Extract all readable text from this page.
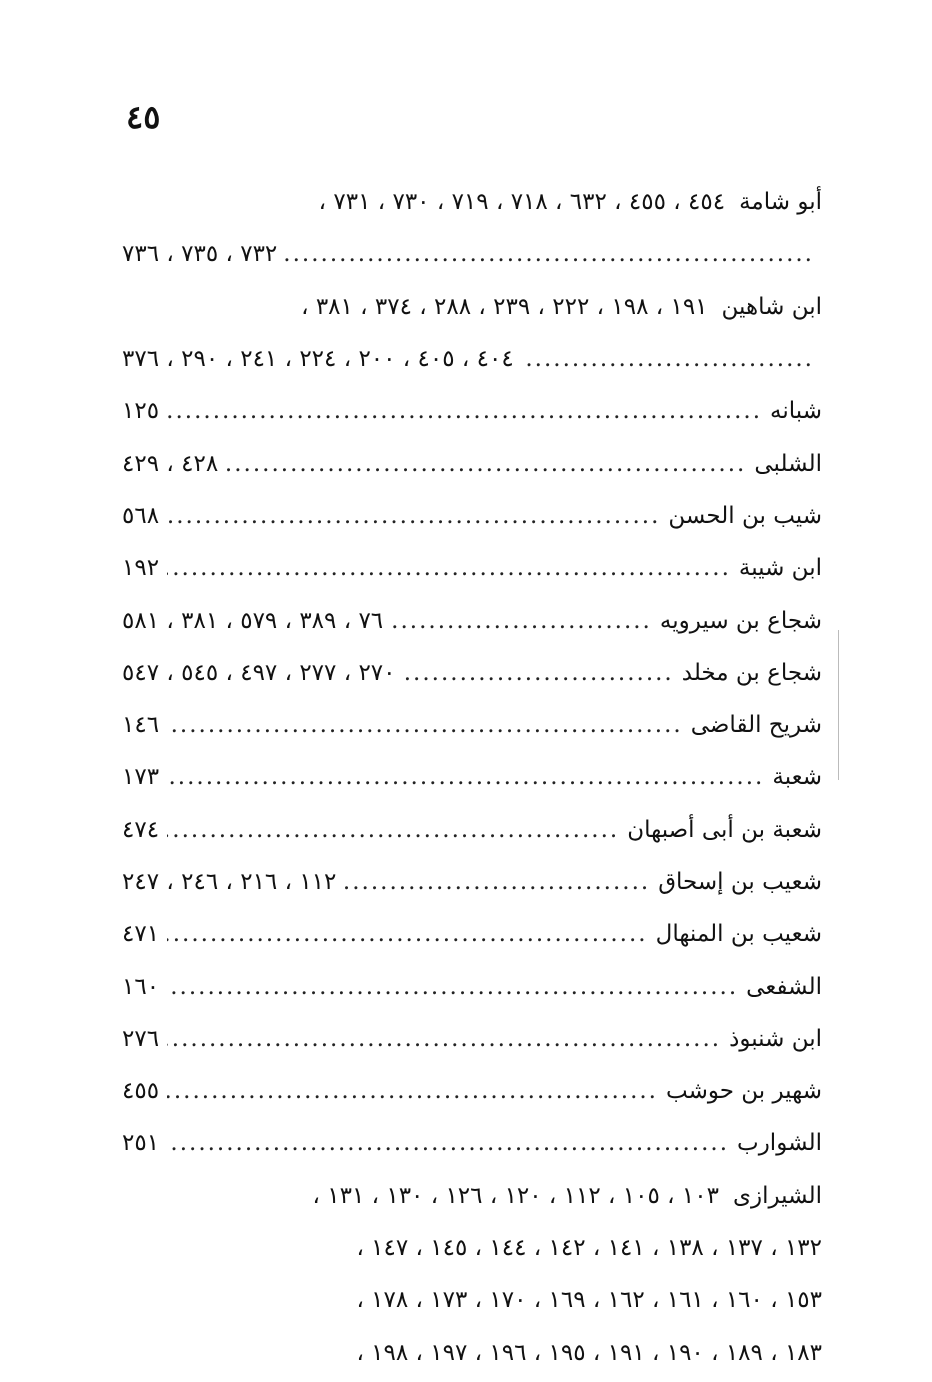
٤٥
أبو شامة
٤٥٤ ، ٤٥٥ ، ٦٣٢ ، ٧١٨ ، ٧١٩ ، ٧٣٠ ، ٧٣١ ،
.....
٧٣٢ ، ٧٣٥ ، ٧٣٦
ابن شاهين
١٩١ ، ١٩٨ ، ٢٢٢ ، ٢٣٩ ، ٢٨٨ ، ٣٧٤ ، ٣٨١ ،
.....
٤٠٤ ، ٤٠٥ ، ٢٠٠ ، ٢٢٤ ، ٢٤١ ، ٢٩٠ ، ٣٧٦
شبانه
.....
١٢٥
الشلبى
.....
٤٢٨ ، ٤٢٩
شيب بن الحسن
.....
٥٦٨
ابن شيبة
.....
١٩٢
شجاع بن سيرويه
.....
٧٦ ، ٣٨٩ ، ٥٧٩ ، ٣٨١ ، ٥٨١
شجاع بن مخلد
.....
٢٧٠ ، ٢٧٧ ، ٤٩٧ ، ٥٤٥ ، ٥٤٧
شريح القاضى
.....
١٤٦
شعبة
.....
١٧٣
شعبة بن أبى أصبهان
.....
٤٧٤
شعيب بن إسحاق
.....
١١٢ ، ٢١٦ ، ٢٤٦ ، ٢٤٧
شعيب بن المنهال
.....
٤٧١
الشفعى
.....
١٦٠
ابن شنبوذ
.....
٢٧٦
شهير بن حوشب
.....
٤٥٥
الشوارب
.....
٢٥١
الشيرازى
١٠٣ ، ١٠٥ ، ١١٢ ، ١٢٠ ، ١٢٦ ، ١٣٠ ، ١٣١ ،
١٣٢ ، ١٣٧ ، ١٣٨ ، ١٤١ ، ١٤٢ ، ١٤٤ ، ١٤٥ ، ١٤٧ ،
١٥٣ ، ١٦٠ ، ١٦١ ، ١٦٢ ، ١٦٩ ، ١٧٠ ، ١٧٣ ، ١٧٨ ،
١٨٣ ، ١٨٩ ، ١٩٠ ، ١٩١ ، ١٩٥ ، ١٩٦ ، ١٩٧ ، ١٩٨ ،
